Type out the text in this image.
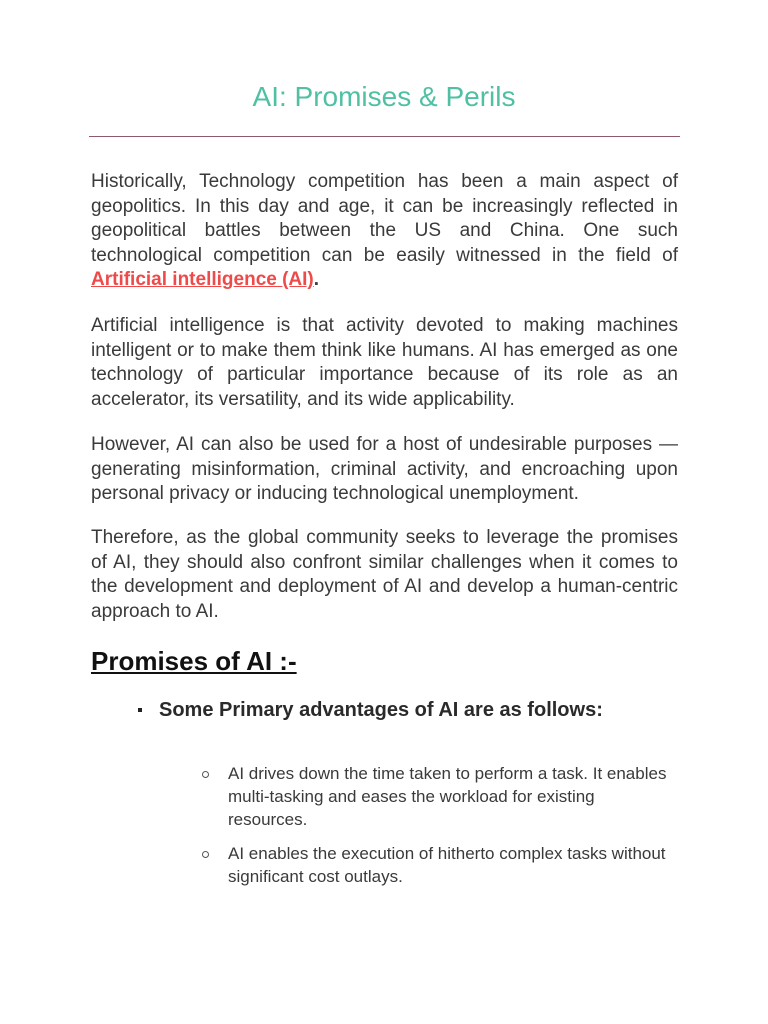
AI: Promises & Perils

Historically, Technology competition has been a main aspect of geopolitics. In this day and age, it can be increasingly reflected in geopolitical battles between the US and China. One such technological competition can be easily witnessed in the field of Artificial intelligence (AI).

Artificial intelligence is that activity devoted to making machines intelligent or to make them think like humans. AI has emerged as one technology of particular importance because of its role as an accelerator, its versatility, and its wide applicability.

However, AI can also be used for a host of undesirable purposes — generating misinformation, criminal activity, and encroaching upon personal privacy or inducing technological unemployment.

Therefore, as the global community seeks to leverage the promises of AI, they should also confront similar challenges when it comes to the development and deployment of AI and develop a human-centric approach to AI.

Promises of AI :-
Some Primary advantages of AI are as follows:

AI drives down the time taken to perform a task. It enables multi-tasking and eases the workload for existing resources.

AI enables the execution of hitherto complex tasks without significant cost outlays.
